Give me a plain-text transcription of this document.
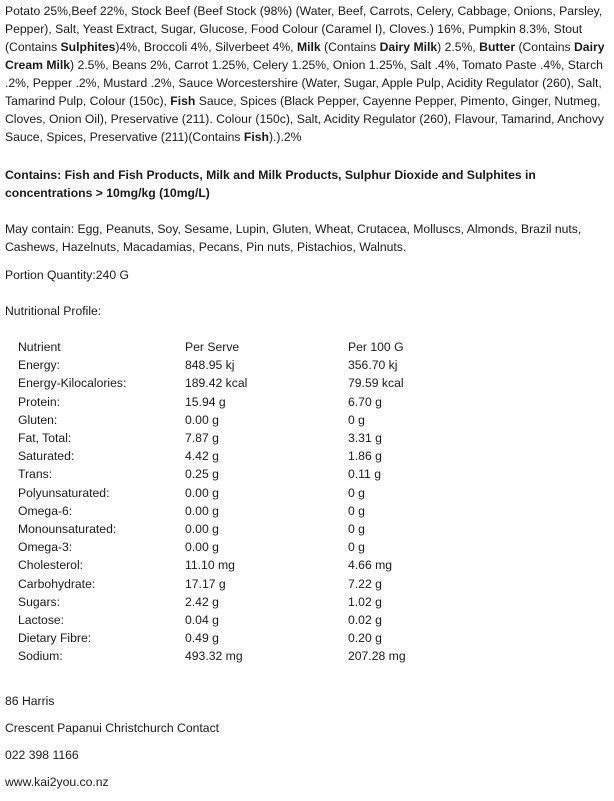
Potato 25%,Beef 22%, Stock Beef (Beef Stock (98%) (Water, Beef, Carrots, Celery, Cabbage, Onions, Parsley, Pepper), Salt, Yeast Extract, Sugar, Glucose, Food Colour (Caramel I), Cloves.) 16%, Pumpkin 8.3%, Stout (Contains Sulphites)4%, Broccoli 4%, Silverbeet 4%, Milk (Contains Dairy Milk) 2.5%, Butter (Contains Dairy Cream Milk) 2.5%, Beans 2%, Carrot 1.25%, Celery 1.25%, Onion 1.25%, Salt .4%, Tomato Paste .4%, Starch .2%, Pepper .2%, Mustard .2%, Sauce Worcestershire (Water, Sugar, Apple Pulp, Acidity Regulator (260), Salt, Tamarind Pulp, Colour (150c), Fish Sauce, Spices (Black Pepper, Cayenne Pepper, Pimento, Ginger, Nutmeg, Cloves, Onion Oil), Preservative (211). Colour (150c), Salt, Acidity Regulator (260), Flavour, Tamarind, Anchovy Sauce, Spices, Preservative (211)(Contains Fish).).2%
Contains: Fish and Fish Products, Milk and Milk Products, Sulphur Dioxide and Sulphites in concentrations > 10mg/kg (10mg/L)
May contain: Egg, Peanuts, Soy, Sesame, Lupin, Gluten, Wheat, Crutacea, Molluscs, Almonds, Brazil nuts, Cashews, Hazelnuts, Macadamias, Pecans, Pin nuts, Pistachios, Walnuts.
Portion Quantity:240 G
Nutritional Profile:
Nutrient	Per Serve	Per 100 G
Energy:	848.95 kj	356.70 kj
Energy-Kilocalories:	189.42 kcal	79.59 kcal
Protein:	15.94 g	6.70 g
Gluten:	0.00 g	0 g
Fat, Total:	7.87 g	3.31 g
Saturated:	4.42 g	1.86 g
Trans:	0.25 g	0.11 g
Polyunsaturated:	0.00 g	0 g
Omega-6:	0.00 g	0 g
Monounsaturated:	0.00 g	0 g
Omega-3:	0.00 g	0 g
Cholesterol:	11.10 mg	4.66 mg
Carbohydrate:	17.17 g	7.22 g
Sugars:	2.42 g	1.02 g
Lactose:	0.04 g	0.02 g
Dietary Fibre:	0.49 g	0.20 g
Sodium:	493.32 mg	207.28 mg
86 Harris
Crescent Papanui Christchurch Contact
022 398 1166
www.kai2you.co.nz
